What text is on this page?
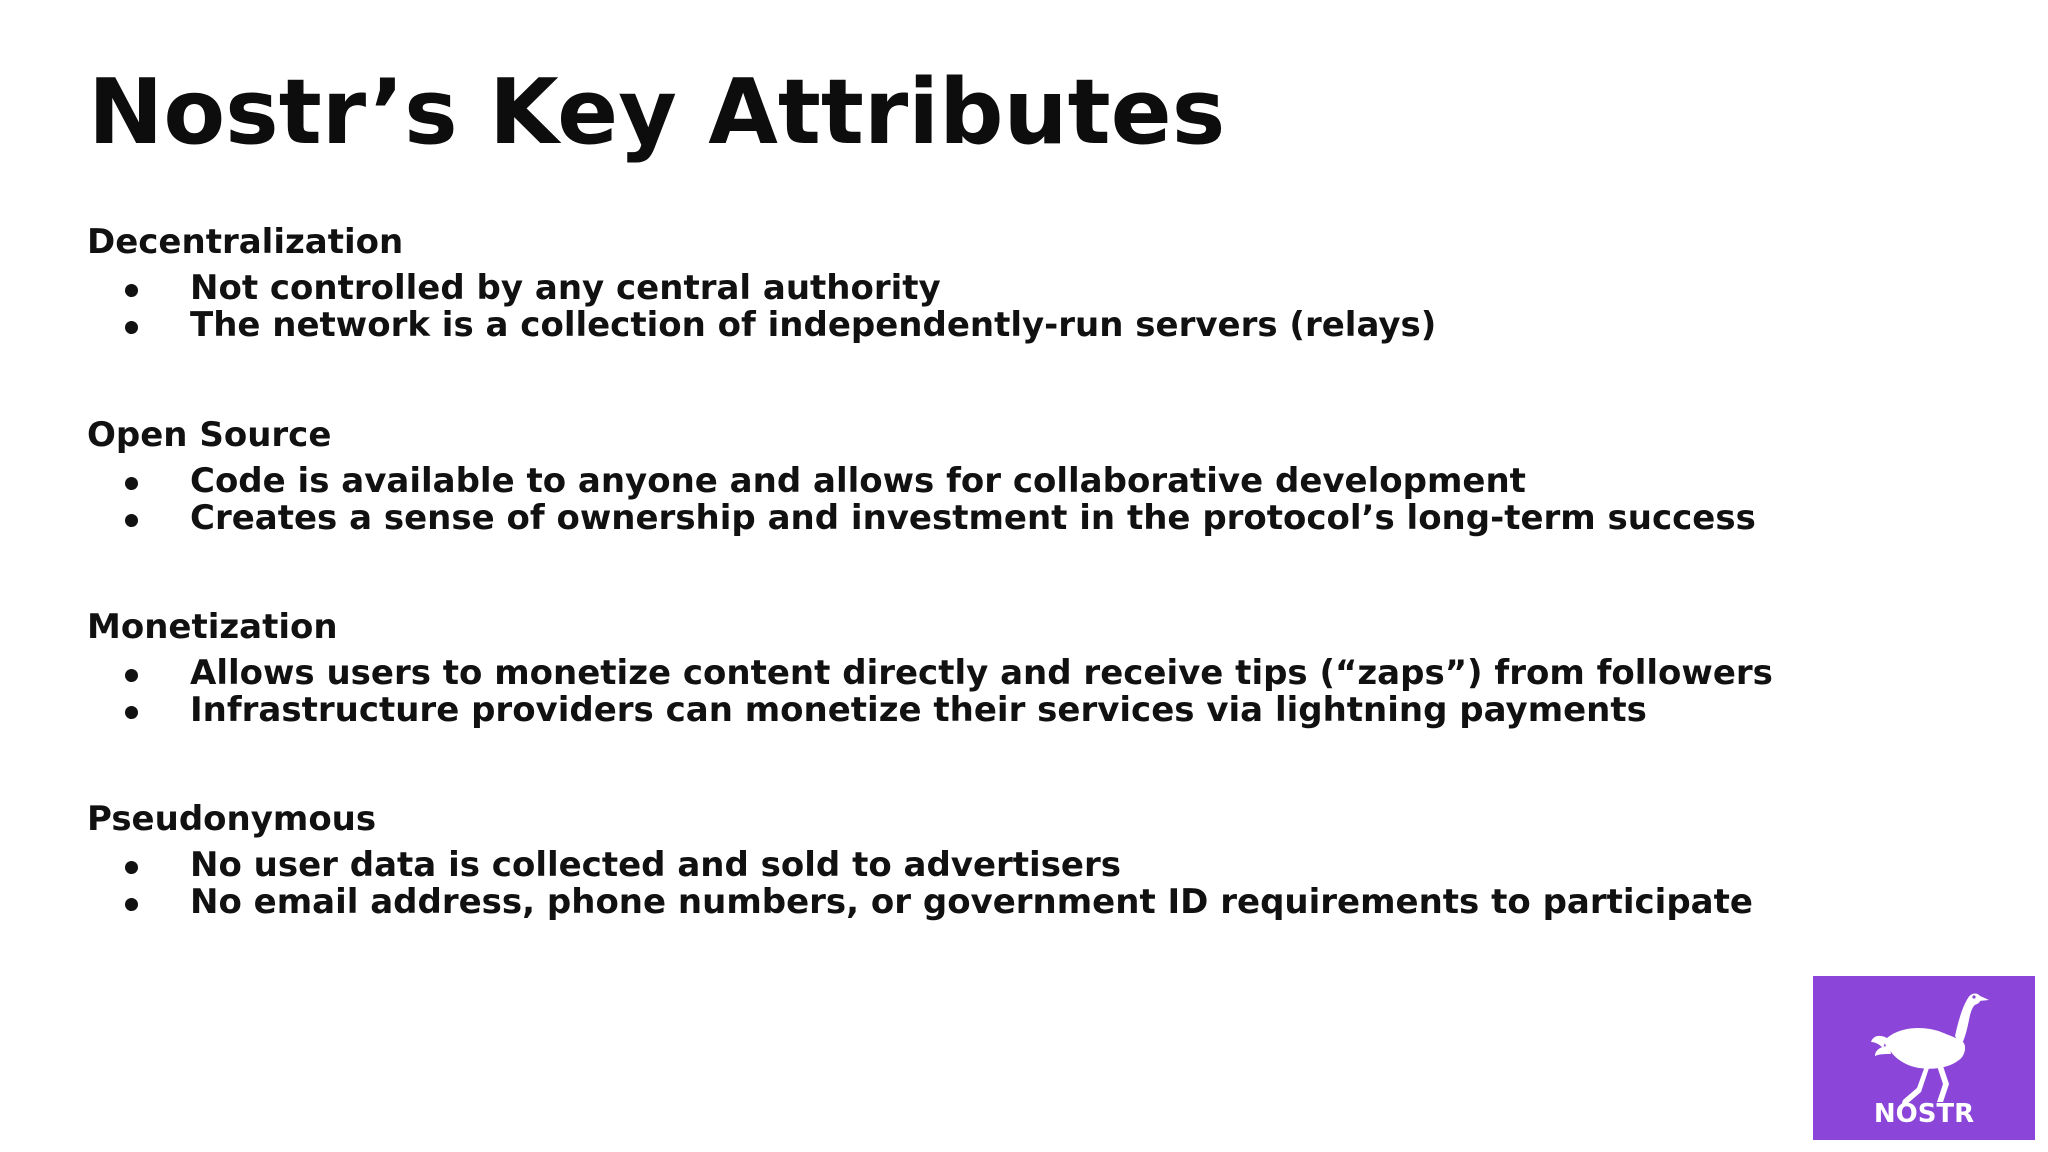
Nostr’s Key Attributes
Decentralization
Not controlled by any central authority
The network is a collection of independently-run servers (relays)
Open Source
Code is available to anyone and allows for collaborative development
Creates a sense of ownership and investment in the protocol’s long-term success
Monetization
Allows users to monetize content directly and receive tips (“zaps”) from followers
Infrastructure providers can monetize their services via lightning payments
Pseudonymous
No user data is collected and sold to advertisers
No email address, phone numbers, or government ID requirements to participate
NOSTR
